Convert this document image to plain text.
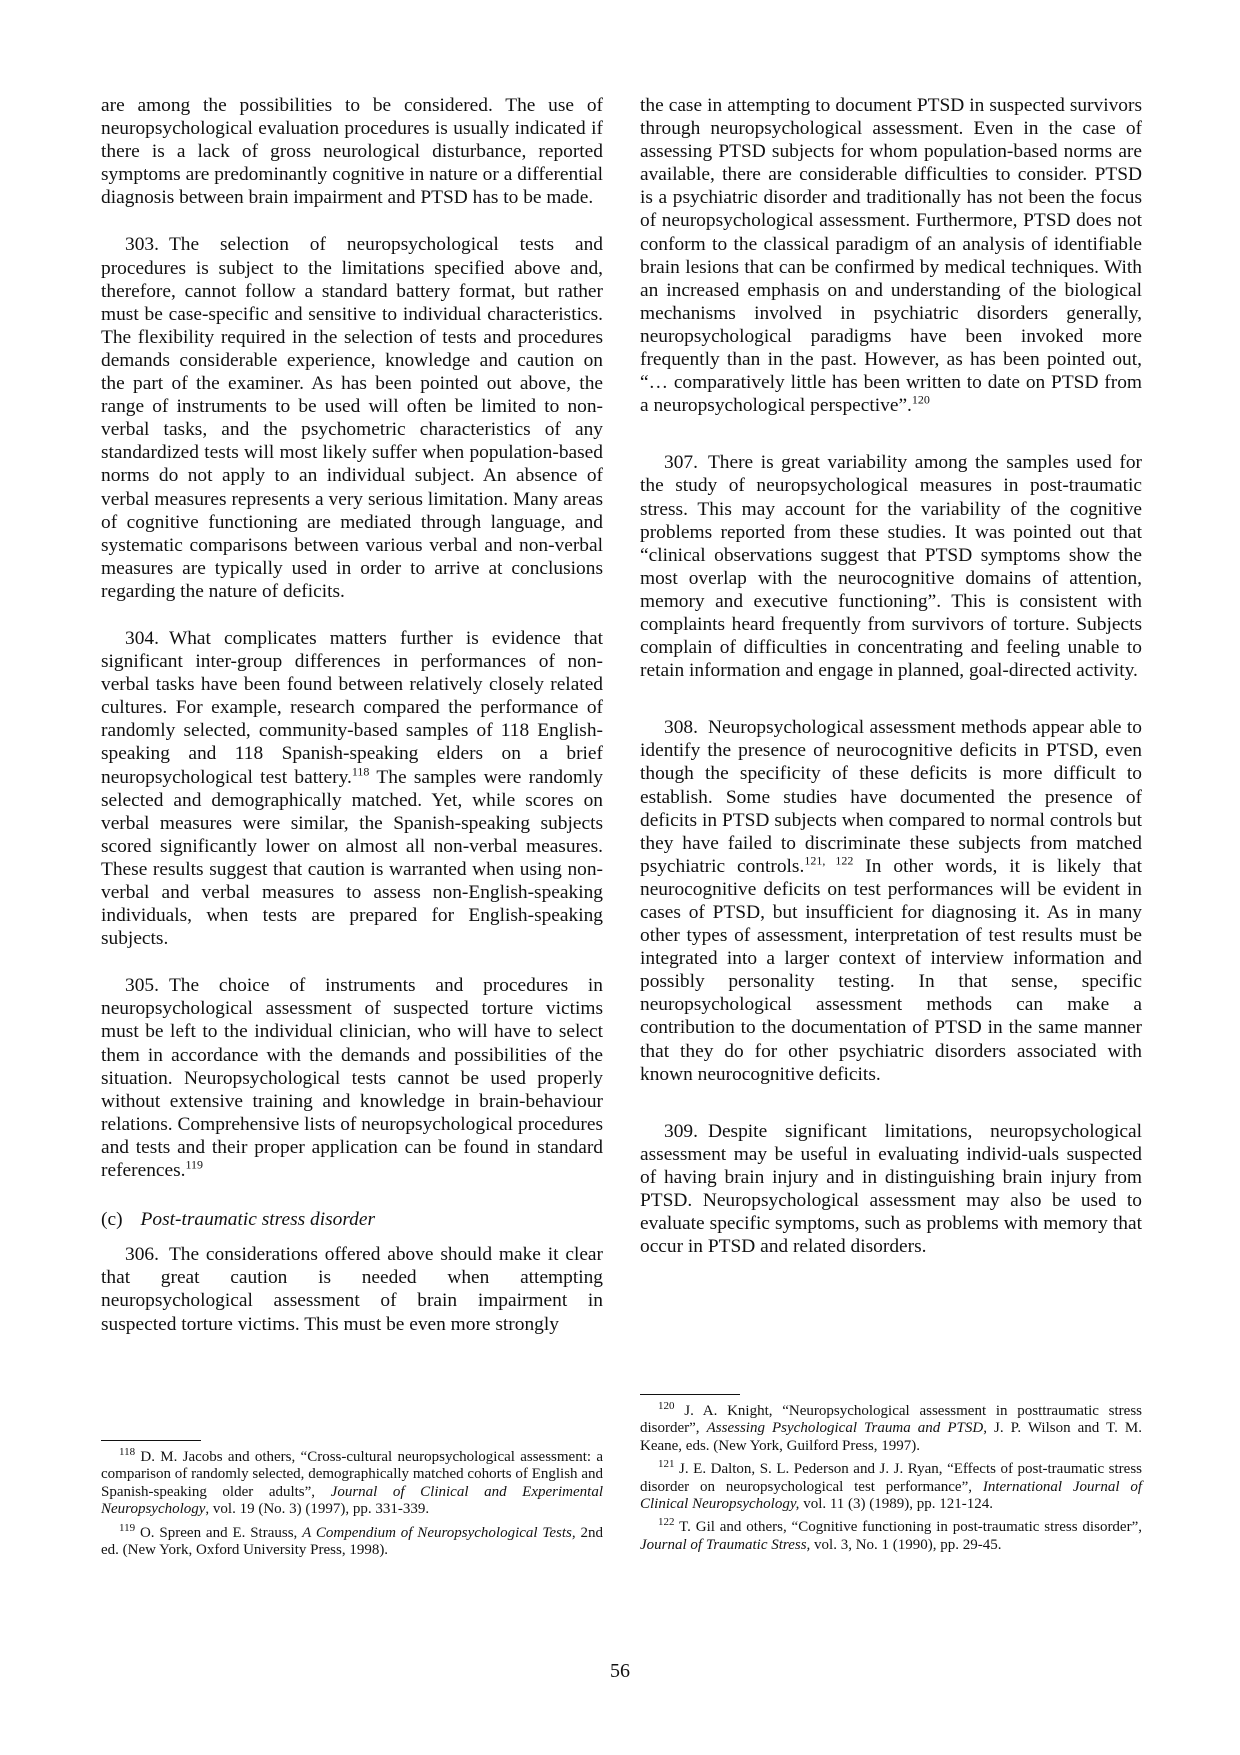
are among the possibilities to be considered. The use of neuropsychological evaluation procedures is usually indicated if there is a lack of gross neurological disturbance, reported symptoms are predominantly cognitive in nature or a differential diagnosis between brain impairment and PTSD has to be made.

303. The selection of neuropsychological tests and procedures is subject to the limitations specified above and, therefore, cannot follow a standard battery format, but rather must be case-specific and sensitive to individual characteristics. The flexibility required in the selection of tests and procedures demands considerable experience, knowledge and caution on the part of the examiner. As has been pointed out above, the range of instruments to be used will often be limited to non-verbal tasks, and the psychometric characteristics of any standardized tests will most likely suffer when population-based norms do not apply to an individual subject. An absence of verbal measures represents a very serious limitation. Many areas of cognitive functioning are mediated through language, and systematic comparisons between various verbal and non-verbal measures are typically used in order to arrive at conclusions regarding the nature of deficits.

304. What complicates matters further is evidence that significant inter-group differences in performances of non-verbal tasks have been found between relatively closely related cultures. For example, research compared the performance of randomly selected, community-based samples of 118 English-speaking and 118 Spanish-speaking elders on a brief neuropsychological test battery.$^{118}$ The samples were randomly selected and demographically matched. Yet, while scores on verbal measures were similar, the Spanish-speaking subjects scored significantly lower on almost all non-verbal measures. These results suggest that caution is warranted when using non-verbal and verbal measures to assess non-English-speaking individuals, when tests are prepared for English-speaking subjects.

305. The choice of instruments and procedures in neuropsychological assessment of suspected torture victims must be left to the individual clinician, who will have to select them in accordance with the demands and possibilities of the situation. Neuropsychological tests cannot be used properly without extensive training and knowledge in brain-behaviour relations. Comprehensive lists of neuropsychological procedures and tests and their proper application can be found in standard references.$^{119}$

(c) Post-traumatic stress disorder

306. The considerations offered above should make it clear that great caution is needed when attempting neuropsychological assessment of brain impairment in suspected torture victims. This must be even more strongly

the case in attempting to document PTSD in suspected survivors through neuropsychological assessment. Even in the case of assessing PTSD subjects for whom population-based norms are available, there are considerable difficulties to consider. PTSD is a psychiatric disorder and traditionally has not been the focus of neuropsychological assessment. Furthermore, PTSD does not conform to the classical paradigm of an analysis of identifiable brain lesions that can be confirmed by medical techniques. With an increased emphasis on and understanding of the biological mechanisms involved in psychiatric disorders generally, neuropsychological paradigms have been invoked more frequently than in the past. However, as has been pointed out, “… comparatively little has been written to date on PTSD from a neuropsychological perspective”.$^{120}$

307. There is great variability among the samples used for the study of neuropsychological measures in post-traumatic stress. This may account for the variability of the cognitive problems reported from these studies. It was pointed out that “clinical observations suggest that PTSD symptoms show the most overlap with the neurocognitive domains of attention, memory and executive functioning”. This is consistent with complaints heard frequently from survivors of torture. Subjects complain of difficulties in concentrating and feeling unable to retain information and engage in planned, goal-directed activity.

308. Neuropsychological assessment methods appear able to identify the presence of neurocognitive deficits in PTSD, even though the specificity of these deficits is more difficult to establish. Some studies have documented the presence of deficits in PTSD subjects when compared to normal controls but they have failed to discriminate these subjects from matched psychiatric controls.$^{121, 122}$ In other words, it is likely that neurocognitive deficits on test performances will be evident in cases of PTSD, but insufficient for diagnosing it. As in many other types of assessment, interpretation of test results must be integrated into a larger context of interview information and possibly personality testing. In that sense, specific neuropsychological assessment methods can make a contribution to the documentation of PTSD in the same manner that they do for other psychiatric disorders associated with known neurocognitive deficits.

309. Despite significant limitations, neuropsychological assessment may be useful in evaluating individ-uals suspected of having brain injury and in distinguishing brain injury from PTSD. Neuropsychological assessment may also be used to evaluate specific symptoms, such as problems with memory that occur in PTSD and related disorders.

$^{118}$ D. M. Jacobs and others, “Cross-cultural neuropsychological assessment: a comparison of randomly selected, demographically matched cohorts of English and Spanish-speaking older adults”, Journal of Clinical and Experimental Neuropsychology, vol. 19 (No. 3) (1997), pp. 331-339.

$^{119}$ O. Spreen and E. Strauss, A Compendium of Neuropsychological Tests, 2nd ed. (New York, Oxford University Press, 1998).

$^{120}$ J. A. Knight, “Neuropsychological assessment in posttraumatic stress disorder”, Assessing Psychological Trauma and PTSD, J. P. Wilson and T. M. Keane, eds. (New York, Guilford Press, 1997).

$^{121}$ J. E. Dalton, S. L. Pederson and J. J. Ryan, “Effects of post-traumatic stress disorder on neuropsychological test performance”, International Journal of Clinical Neuropsychology, vol. 11 (3) (1989), pp. 121-124.

$^{122}$ T. Gil and others, “Cognitive functioning in post-traumatic stress disorder”, Journal of Traumatic Stress, vol. 3, No. 1 (1990), pp. 29-45.

56
